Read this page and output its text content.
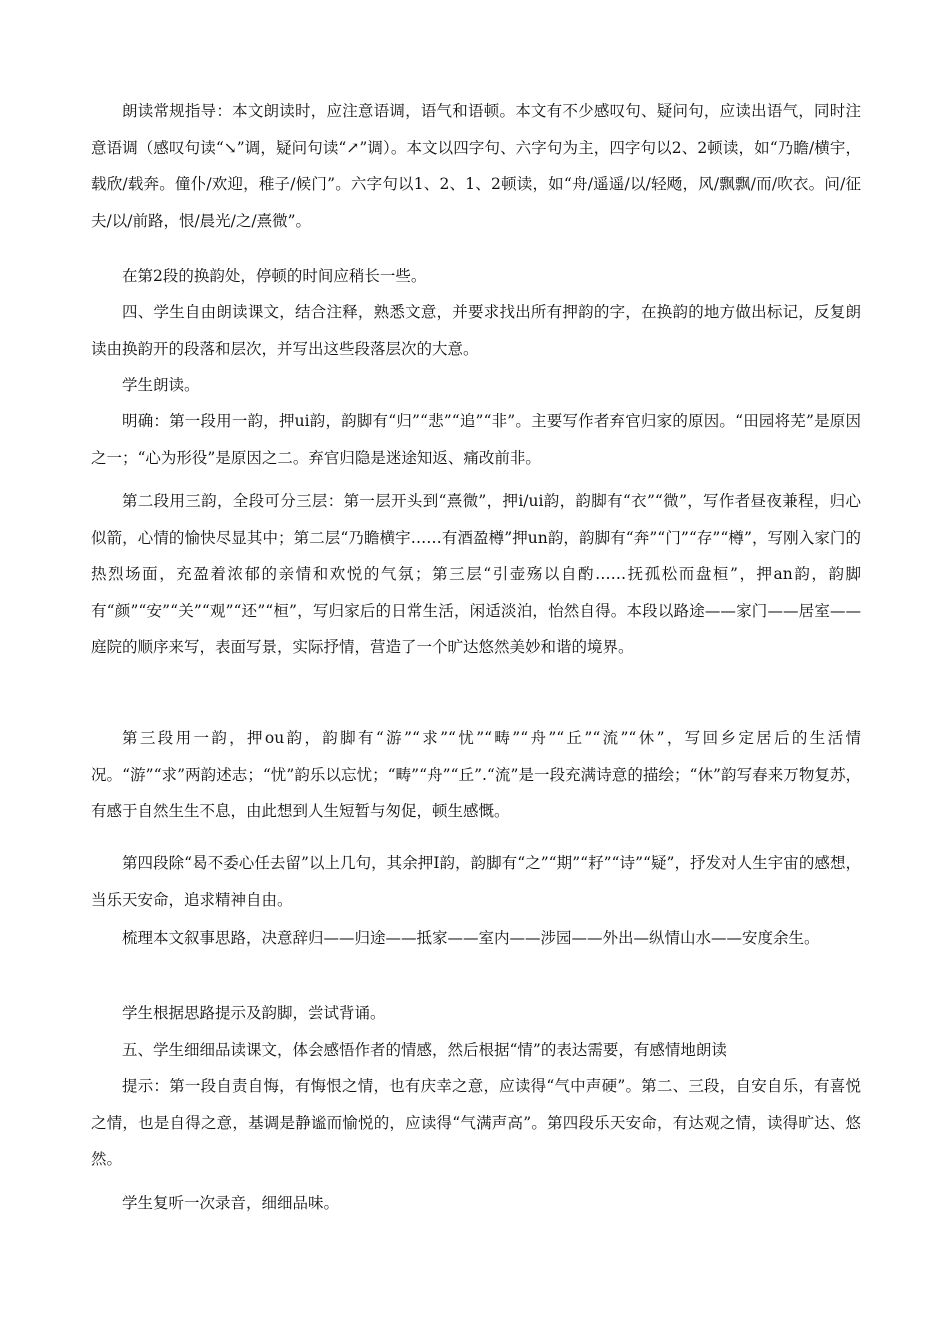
朗读常规指导：本文朗读时，应注意语调，语气和语顿。本文有不少感叹句、疑问句，应读出语气，同时注意语调（感叹句读“↘”调，疑问句读“↗”调）。本文以四字句、六字句为主，四字句以2、2顿读，如“乃瞻/横宇，载欣/载奔。僮仆/欢迎，稚子/候门”。六字句以1、2、1、2顿读，如“舟/遥遥/以/轻飏，风/飘飘/而/吹衣。问/征夫/以/前路，恨/晨光/之/熹微”。

在第2段的换韵处，停顿的时间应稍长一些。

四、学生自由朗读课文，结合注释，熟悉文意，并要求找出所有押韵的字，在换韵的地方做出标记，反复朗读由换韵开的段落和层次，并写出这些段落层次的大意。

学生朗读。

明确：第一段用一韵，押ui韵，韵脚有“归”“悲”“追”“非”。主要写作者弃官归家的原因。“田园将芜”是原因之一；“心为形役”是原因之二。弃官归隐是迷途知返、痛改前非。

第二段用三韵，全段可分三层：第一层开头到“熹微”，押i/ui韵，韵脚有“衣”“微”，写作者昼夜兼程，归心似箭，心情的愉快尽显其中；第二层“乃瞻横宇……有酒盈樽”押un韵，韵脚有“奔”“门”“存”“樽”，写刚入家门的热烈场面，充盈着浓郁的亲情和欢悦的气氛；第三层“引壶殇以自酌……抚孤松而盘桓”，押an韵，韵脚有“颜”“安”“关”“观”“还”“桓”，写归家后的日常生活，闲适淡泊，怡然自得。本段以路途——家门——居室——庭院的顺序来写，表面写景，实际抒情，营造了一个旷达悠然美妙和谐的境界。

第三段用一韵，押ou韵，韵脚有“游”“求”“忧”“畴”“舟”“丘”“流”“休”，写回乡定居后的生活情况。“游”“求”两韵述志；“忧”韵乐以忘忧；“畴”“舟”“丘”.“流”是一段充满诗意的描绘；“休”韵写春来万物复苏，有感于自然生生不息，由此想到人生短暂与匆促，顿生感慨。

第四段除“曷不委心任去留”以上几句，其余押I韵，韵脚有“之”“期”“耔”“诗”“疑”，抒发对人生宇宙的感想，当乐天安命，追求精神自由。

梳理本文叙事思路，决意辞归——归途——抵家——室内——涉园——外出—纵情山水——安度余生。

学生根据思路提示及韵脚，尝试背诵。

五、学生细细品读课文，体会感悟作者的情感，然后根据“情”的表达需要，有感情地朗读

提示：第一段自责自悔，有悔恨之情，也有庆幸之意，应读得“气中声硬”。第二、三段，自安自乐，有喜悦之情，也是自得之意，基调是静谧而愉悦的，应读得“气满声高”。第四段乐天安命，有达观之情，读得旷达、悠然。

学生复听一次录音，细细品味。
